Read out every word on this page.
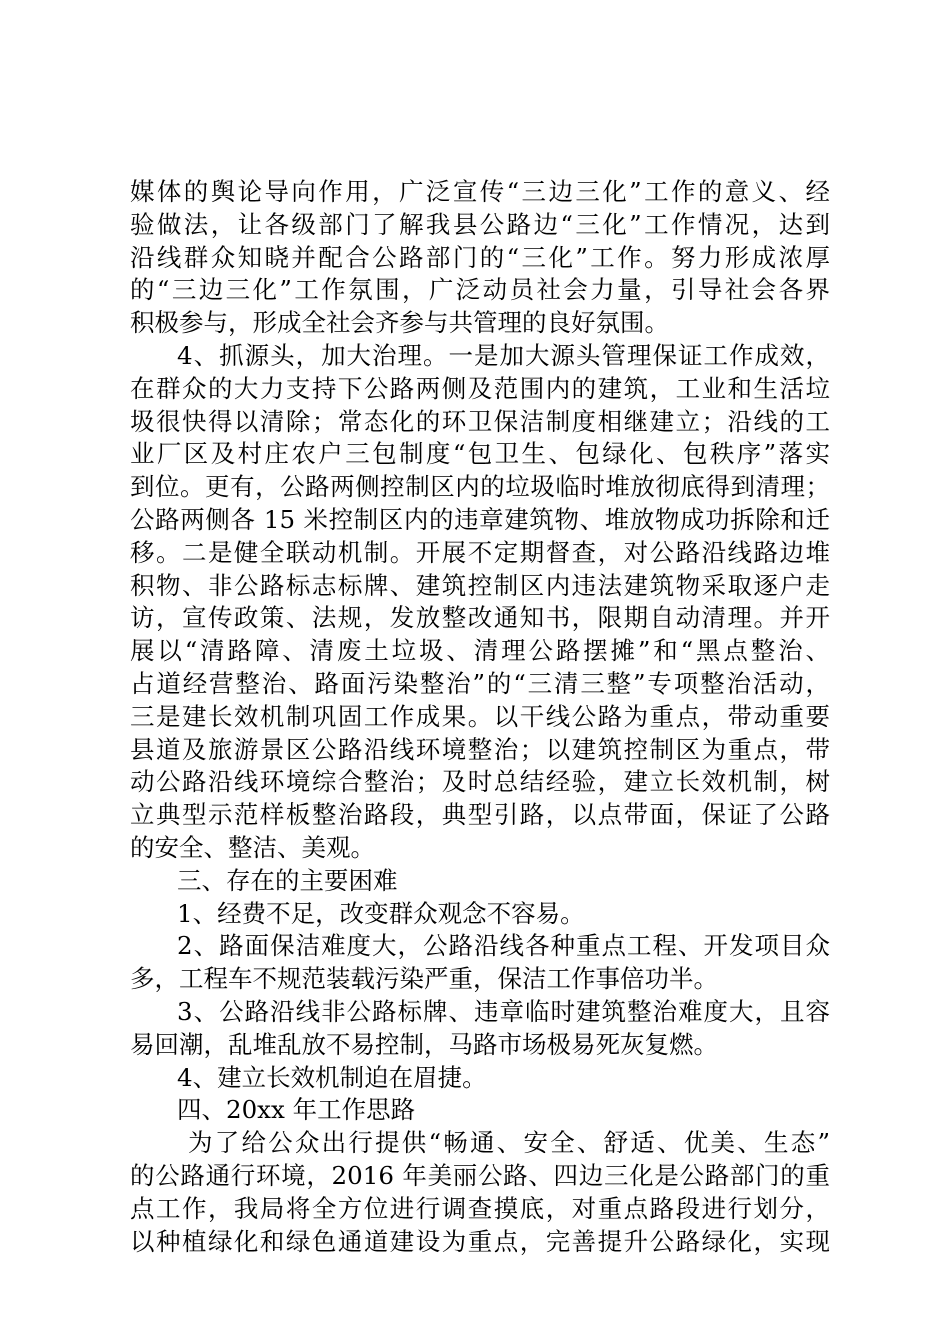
媒体的舆论导向作用，广泛宣传“三边三化”工作的意义、经
验做法，让各级部门了解我县公路边“三化”工作情况，达到
沿线群众知晓并配合公路部门的“三化”工作。努力形成浓厚
的“三边三化”工作氛围，广泛动员社会力量，引导社会各界
积极参与，形成全社会齐参与共管理的良好氛围。
4、抓源头，加大治理。一是加大源头管理保证工作成效，
在群众的大力支持下公路两侧及范围内的建筑，工业和生活垃
圾很快得以清除；常态化的环卫保洁制度相继建立；沿线的工
业厂区及村庄农户三包制度“包卫生、包绿化、包秩序”落实
到位。更有，公路两侧控制区内的垃圾临时堆放彻底得到清理；
公路两侧各 15 米控制区内的违章建筑物、堆放物成功拆除和迁
移。二是健全联动机制。开展不定期督查，对公路沿线路边堆
积物、非公路标志标牌、建筑控制区内违法建筑物采取逐户走
访，宣传政策、法规，发放整改通知书，限期自动清理。并开
展以“清路障、清废土垃圾、清理公路摆摊”和“黑点整治、
占道经营整治、路面污染整治”的“三清三整”专项整治活动，
三是建长效机制巩固工作成果。以干线公路为重点，带动重要
县道及旅游景区公路沿线环境整治；以建筑控制区为重点，带
动公路沿线环境综合整治；及时总结经验，建立长效机制，树
立典型示范样板整治路段，典型引路，以点带面，保证了公路
的安全、整洁、美观。
三、存在的主要困难
1、经费不足，改变群众观念不容易。
2、路面保洁难度大，公路沿线各种重点工程、开发项目众
多，工程车不规范装载污染严重，保洁工作事倍功半。
3、公路沿线非公路标牌、违章临时建筑整治难度大，且容
易回潮，乱堆乱放不易控制，马路市场极易死灰复燃。
4、建立长效机制迫在眉捷。
四、20xx 年工作思路
为了给公众出行提供“畅通、安全、舒适、优美、生态”
的公路通行环境，2016 年美丽公路、四边三化是公路部门的重
点工作，我局将全方位进行调查摸底，对重点路段进行划分，
以种植绿化和绿色通道建设为重点，完善提升公路绿化，实现
